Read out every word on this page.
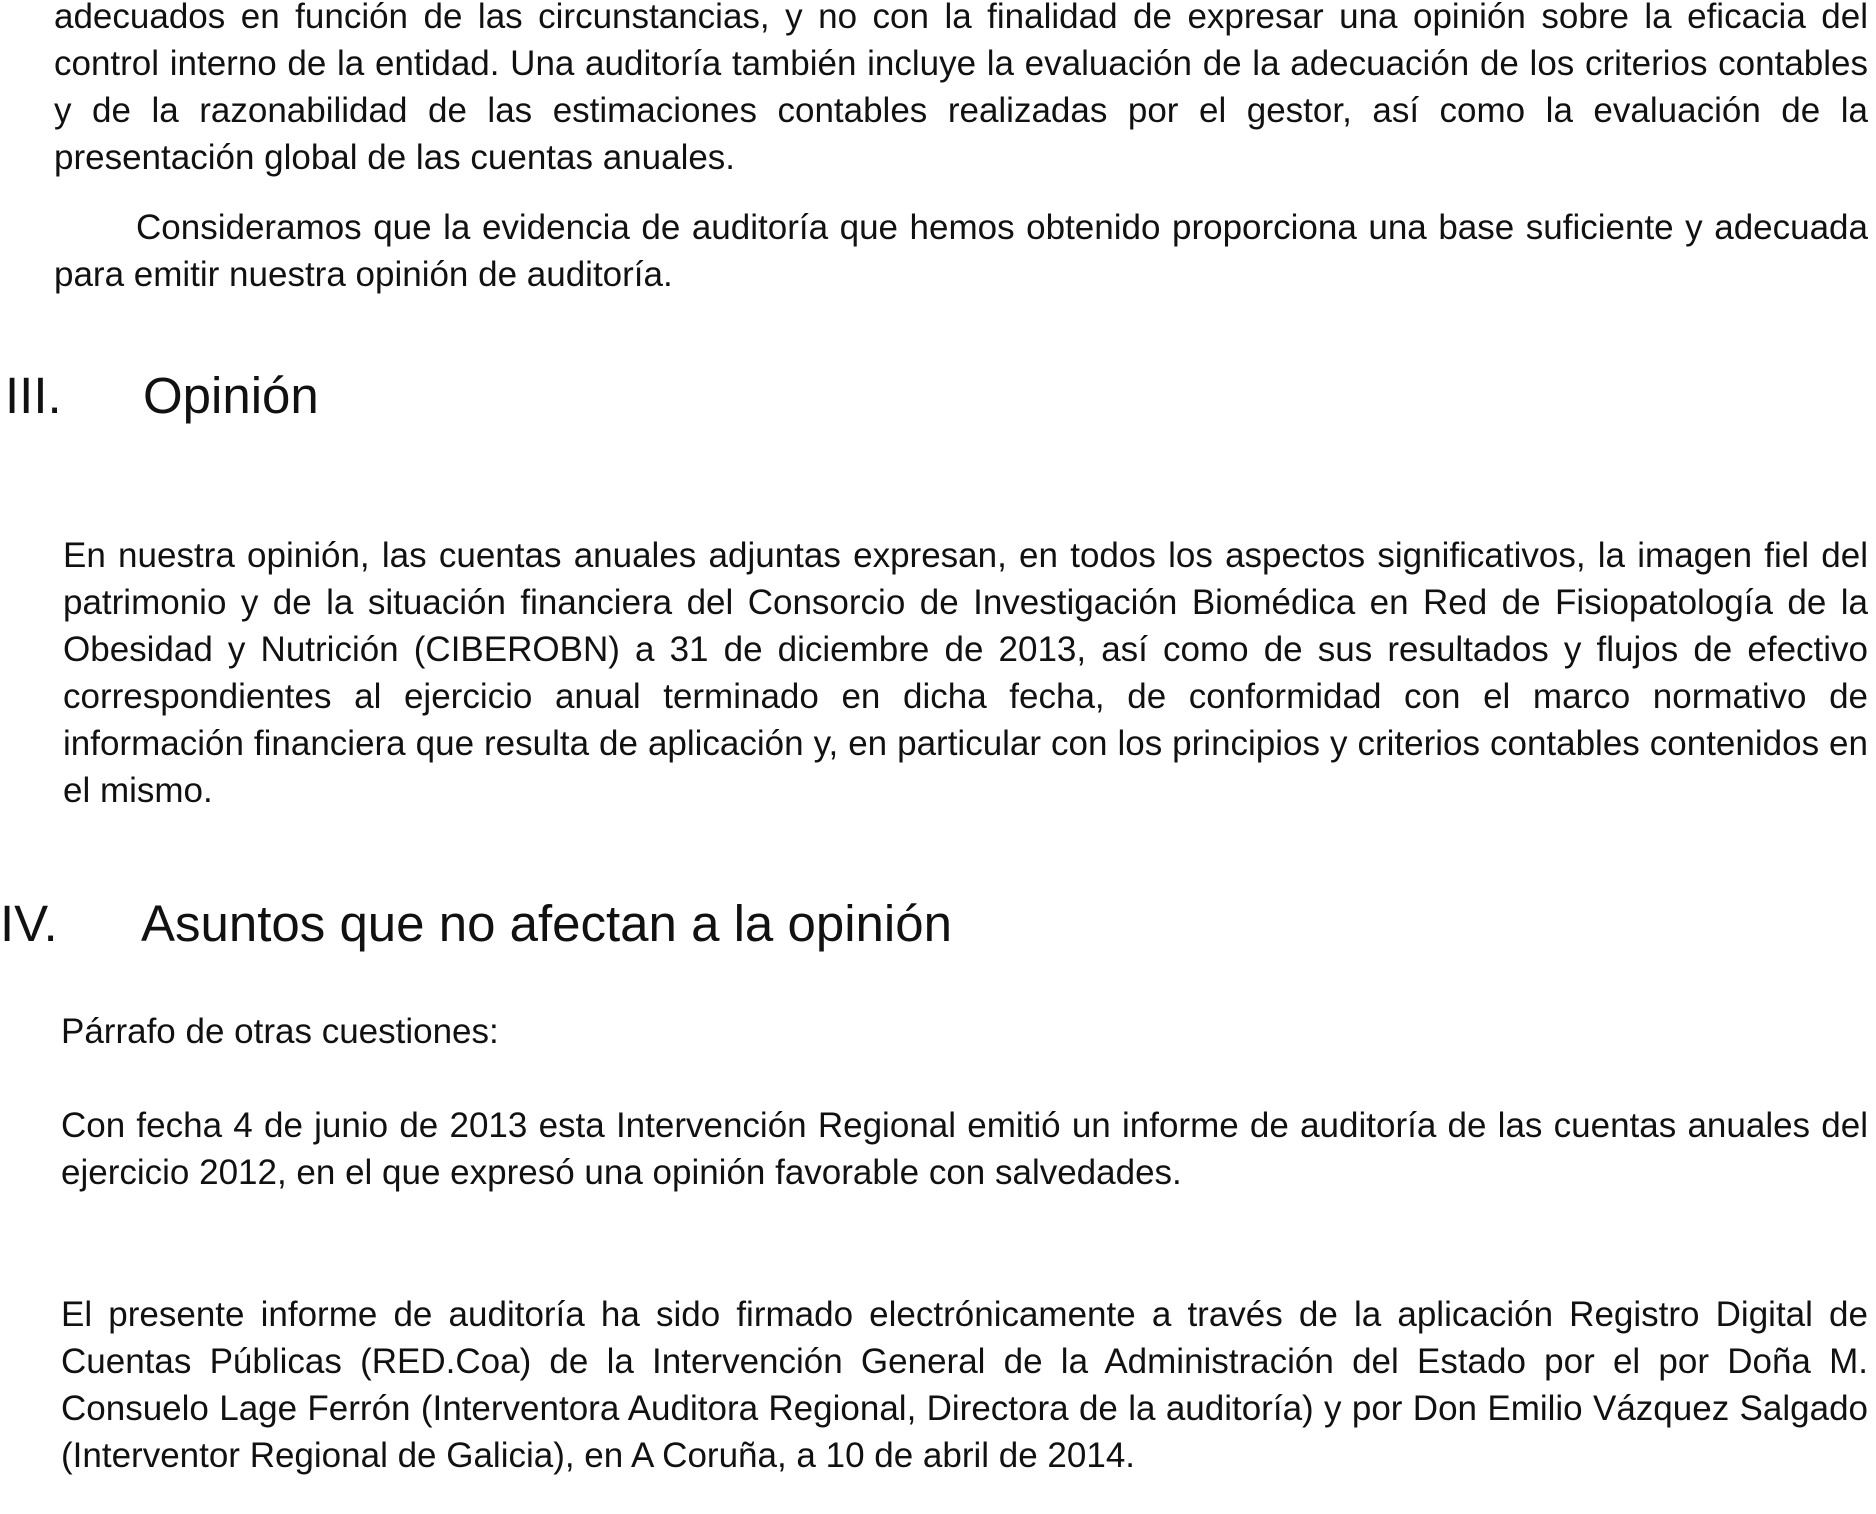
adecuados en función de las circunstancias, y no con la finalidad de expresar una opinión sobre la eficacia del control interno de la entidad. Una auditoría también incluye la evaluación de la adecuación de los criterios contables y de la razonabilidad de las estimaciones contables realizadas por el gestor, así como la evaluación de la presentación global de las cuentas anuales.

Consideramos que la evidencia de auditoría que hemos obtenido proporciona una base suficiente y adecuada para emitir nuestra opinión de auditoría.

III. Opinión

En nuestra opinión, las cuentas anuales adjuntas expresan, en todos los aspectos significativos, la imagen fiel del patrimonio y de la situación financiera del Consorcio de Investigación Biomédica en Red de Fisiopatología de la Obesidad y Nutrición (CIBEROBN) a 31 de diciembre de 2013, así como de sus resultados y flujos de efectivo correspondientes al ejercicio anual terminado en dicha fecha, de conformidad con el marco normativo de información financiera que resulta de aplicación y, en particular con los principios y criterios contables contenidos en el mismo.

IV. Asuntos que no afectan a la opinión

Párrafo de otras cuestiones:

Con fecha 4 de junio de 2013 esta Intervención Regional emitió un informe de auditoría de las cuentas anuales del ejercicio 2012, en el que expresó una opinión favorable con salvedades.

El presente informe de auditoría ha sido firmado electrónicamente a través de la aplicación Registro Digital de Cuentas Públicas (RED.Coa) de la Intervención General de la Administración del Estado por el por Doña M. Consuelo Lage Ferrón (Interventora Auditora Regional, Directora de la auditoría) y por Don Emilio Vázquez Salgado (Interventor Regional de Galicia), en A Coruña, a 10 de abril de 2014.
